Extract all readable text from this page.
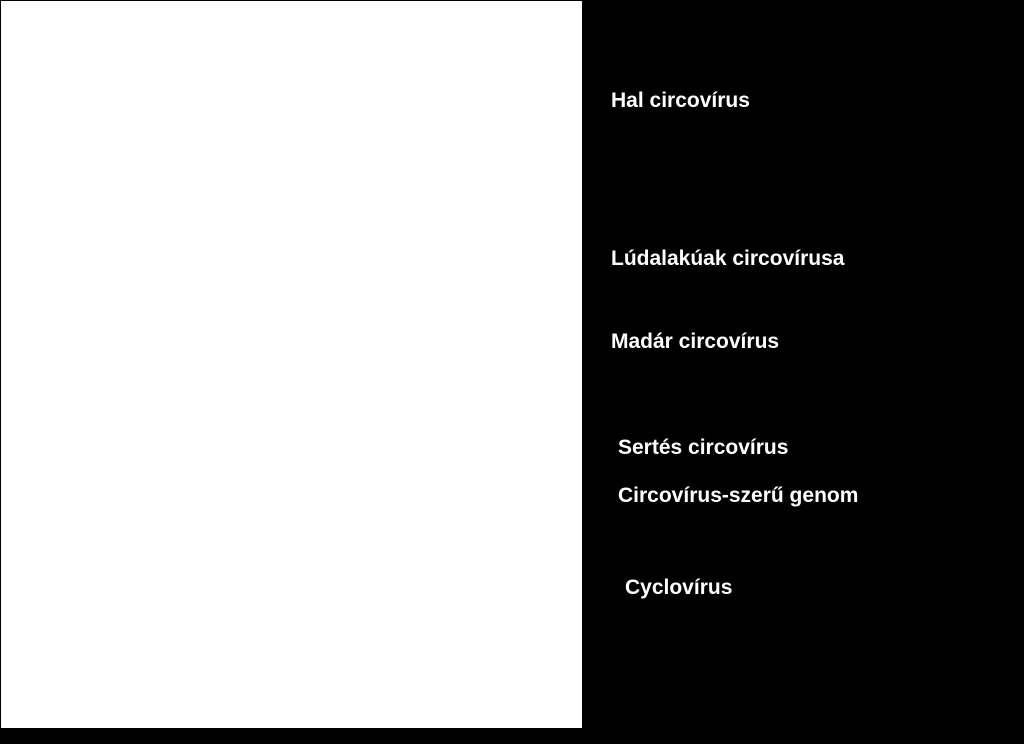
Hal circovírus
Lúdalakúak circovírusa
Madár circovírus
Sertés circovírus
Circovírus-szerű genom
Cyclovírus
